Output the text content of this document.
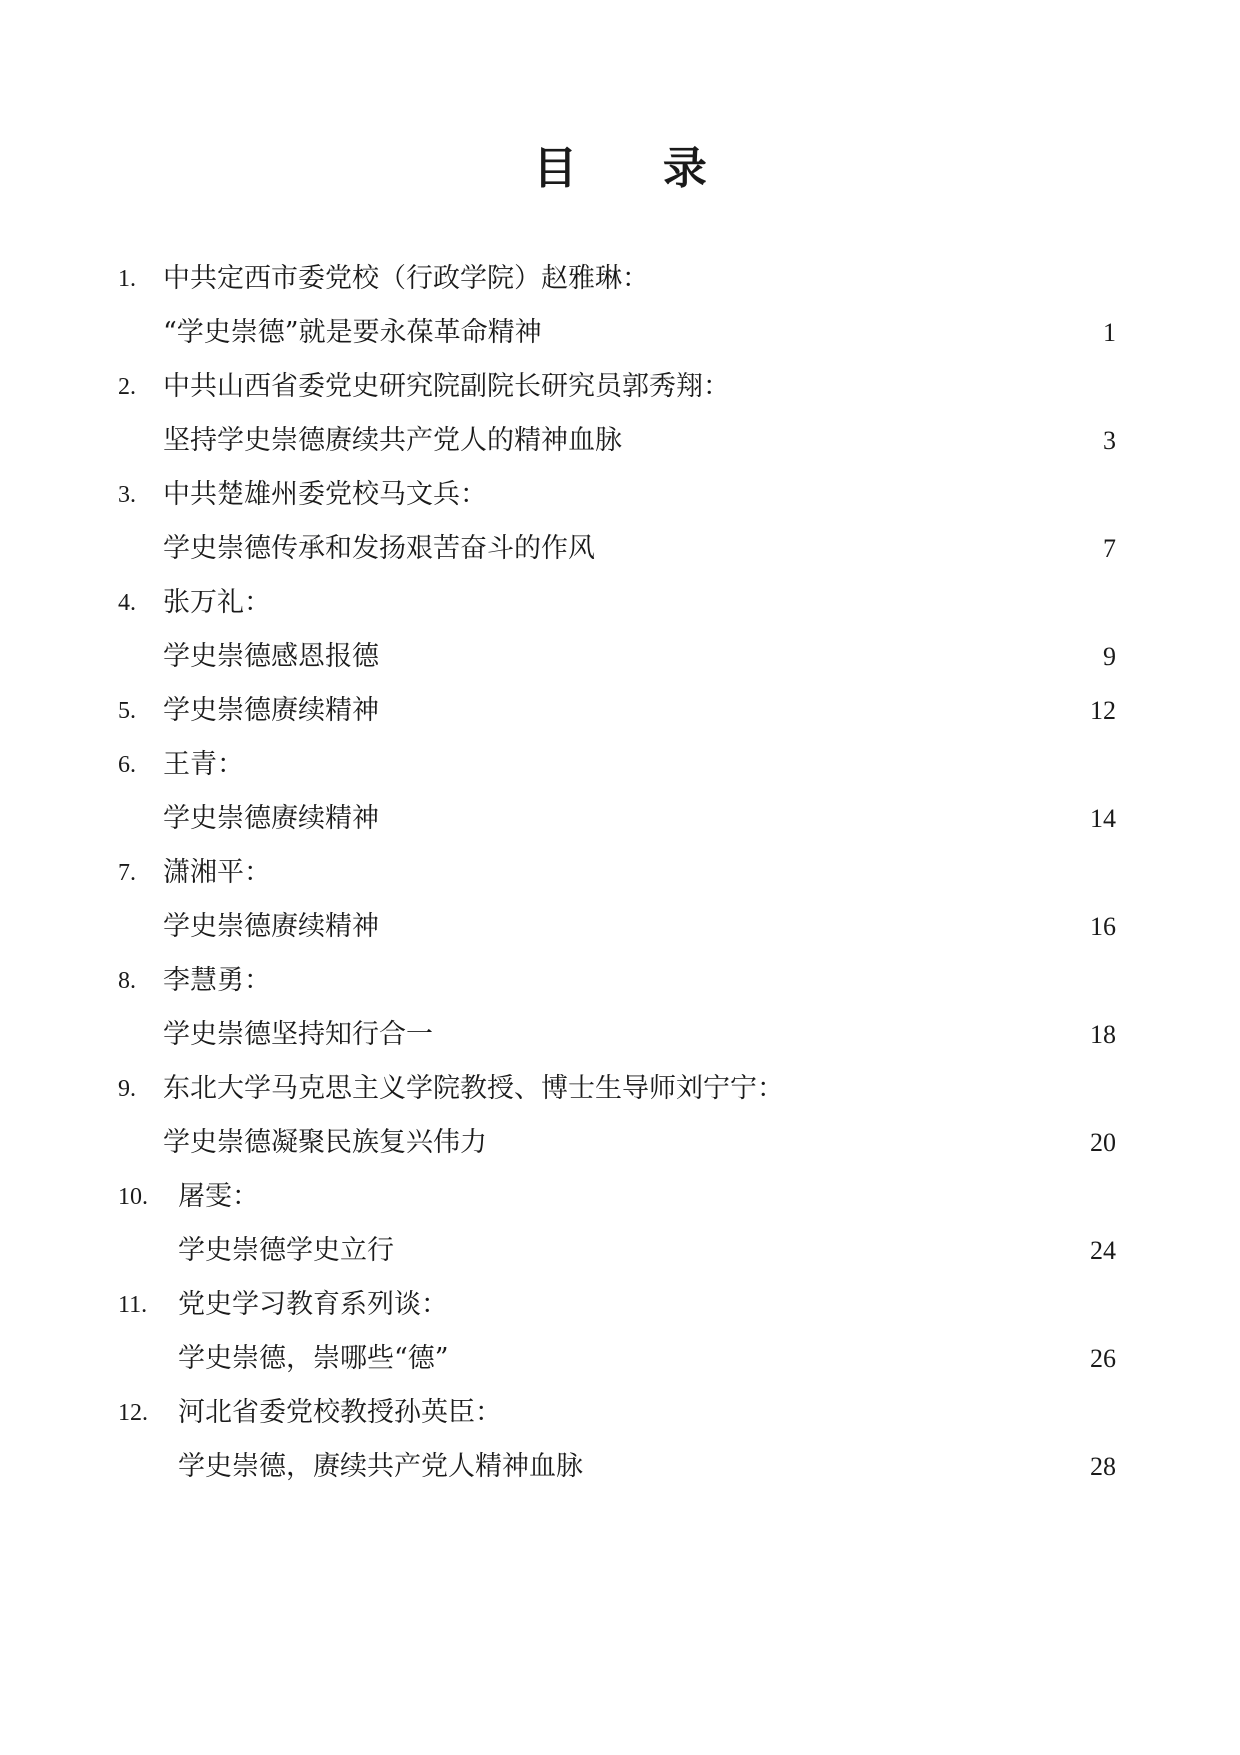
目 录
1. 中共定西市委党校（行政学院）赵雅琳：
“学史崇德”就是要永葆革命精神	1
2. 中共山西省委党史研究院副院长研究员郭秀翔：
坚持学史崇德赓续共产党人的精神血脉	3
3. 中共楚雄州委党校马文兵：
学史崇德传承和发扬艰苦奋斗的作风	7
4. 张万礼：
学史崇德感恩报德	9
5. 学史崇德赓续精神	12
6. 王青：
学史崇德赓续精神	14
7. 潇湘平：
学史崇德赓续精神	16
8. 李慧勇：
学史崇德坚持知行合一	18
9. 东北大学马克思主义学院教授、博士生导师刘宁宁：
学史崇德凝聚民族复兴伟力	20
10. 屠雯：
学史崇德学史立行	24
11. 党史学习教育系列谈：
学史崇德，崇哪些“德”	26
12. 河北省委党校教授孙英臣：
学史崇德，赓续共产党人精神血脉	28
